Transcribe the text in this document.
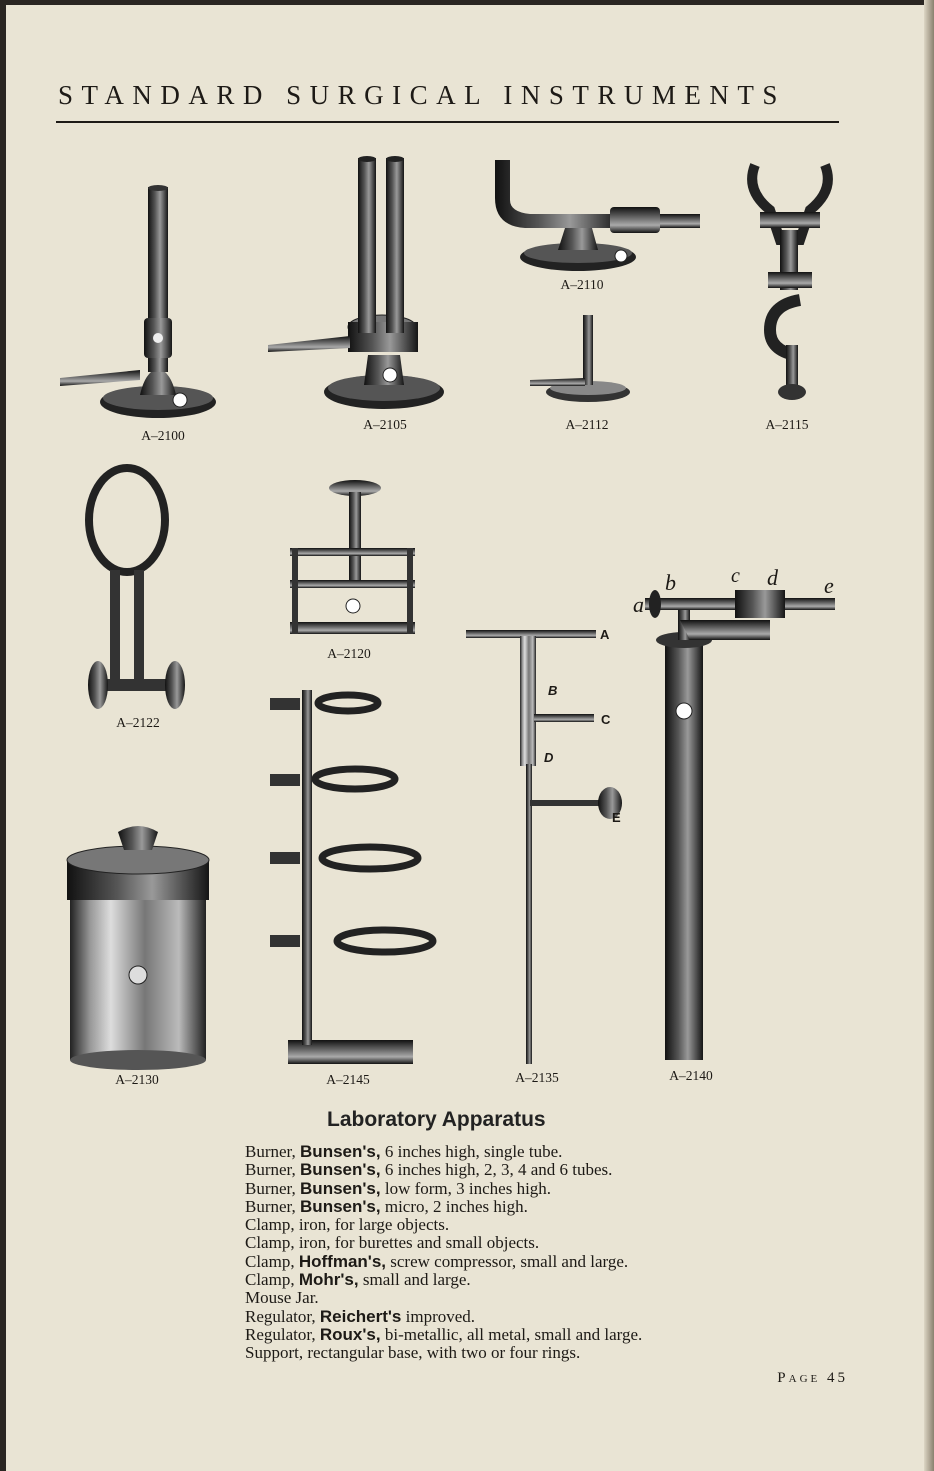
STANDARD SURGICAL INSTRUMENTS
A
B
C
D
E
a
b	c d e
A–2100
A–2105
A–2110
A–2112	A–2115
A–2120
A–2122
A–2130	A–2145	A–2135	A–2140
Laboratory Apparatus
Burner, Bunsen's, 6 inches high, single tube.
Burner, Bunsen's, 6 inches high, 2, 3, 4 and 6 tubes.
Burner, Bunsen's, low form, 3 inches high.
Burner, Bunsen's, micro, 2 inches high.
Clamp, iron, for large objects.
Clamp, iron, for burettes and small objects.
Clamp, Hoffman's, screw compressor, small and large.
Clamp, Mohr's, small and large.
Mouse Jar.
Regulator, Reichert's improved.
Regulator, Roux's, bi-metallic, all metal, small and large.
Support, rectangular base, with two or four rings.
Page 45
